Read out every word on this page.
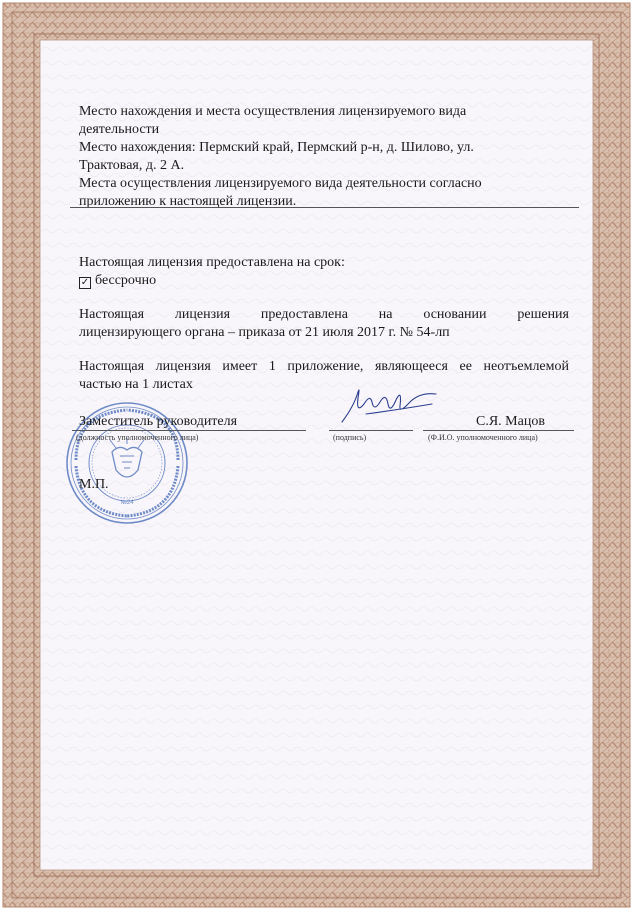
Место нахождения и места осуществления лицензируемого вида
деятельности
Место нахождения: Пермский край, Пермский р-н, д. Шилово, ул.
Трактовая, д. 2 А.
Места осуществления лицензируемого вида деятельности согласно
приложению к настоящей лицензии.
Настоящая лицензия предоставлена на срок:
✓ бессрочно
Настоящая лицензия предоставлена на основании решения
лицензирующего органа – приказа от 21 июля 2017 г. № 54-лп
Настоящая лицензия имеет 1 приложение, являющееся ее неотъемлемой
частью на 1 листах
№24
Заместитель руководителя	С.Я. Мацов
(должность уполномоченного лица)	(подпись)	(Ф.И.О. уполномоченного лица)
М.П.
